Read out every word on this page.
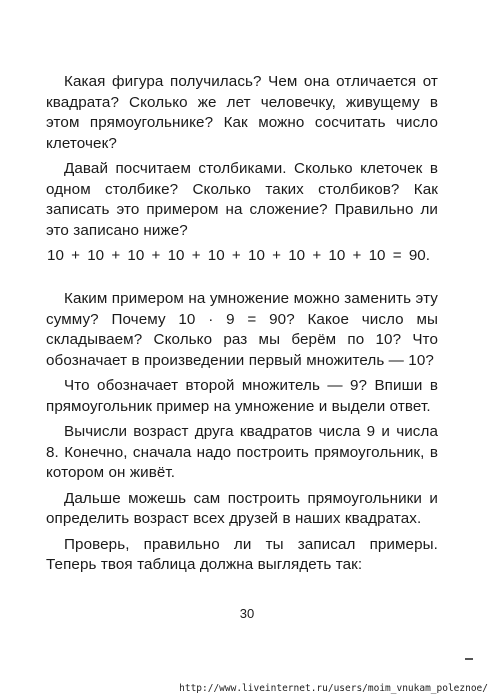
Какая фигура получилась? Чем она отличается от квадрата? Сколько же лет человечку, живущему в этом прямоугольнике? Как можно сосчитать число клеточек?

Давай посчитаем столбиками. Сколько клеточек в одном столбике? Сколько таких столбиков? Как записать это примером на сложение? Правильно ли это записано ниже?

10 + 10 + 10 + 10 + 10 + 10 + 10 + 10 + 10 = 90.

Каким примером на умножение можно заменить эту сумму? Почему 10 · 9 = 90? Какое число мы складываем? Сколько раз мы берём по 10? Что обозначает в произведении первый множитель — 10?

Что обозначает второй множитель — 9? Впиши в прямоугольник пример на умножение и выдели ответ.

Вычисли возраст друга квадратов числа 9 и числа 8. Конечно, сначала надо построить прямоугольник, в котором он живёт.

Дальше можешь сам построить прямоугольники и определить возраст всех друзей в наших квадратах.

Проверь, правильно ли ты записал примеры. Теперь твоя таблица должна выглядеть так:

30
http://www.liveinternet.ru/users/moim_vnukam_poleznoe/
